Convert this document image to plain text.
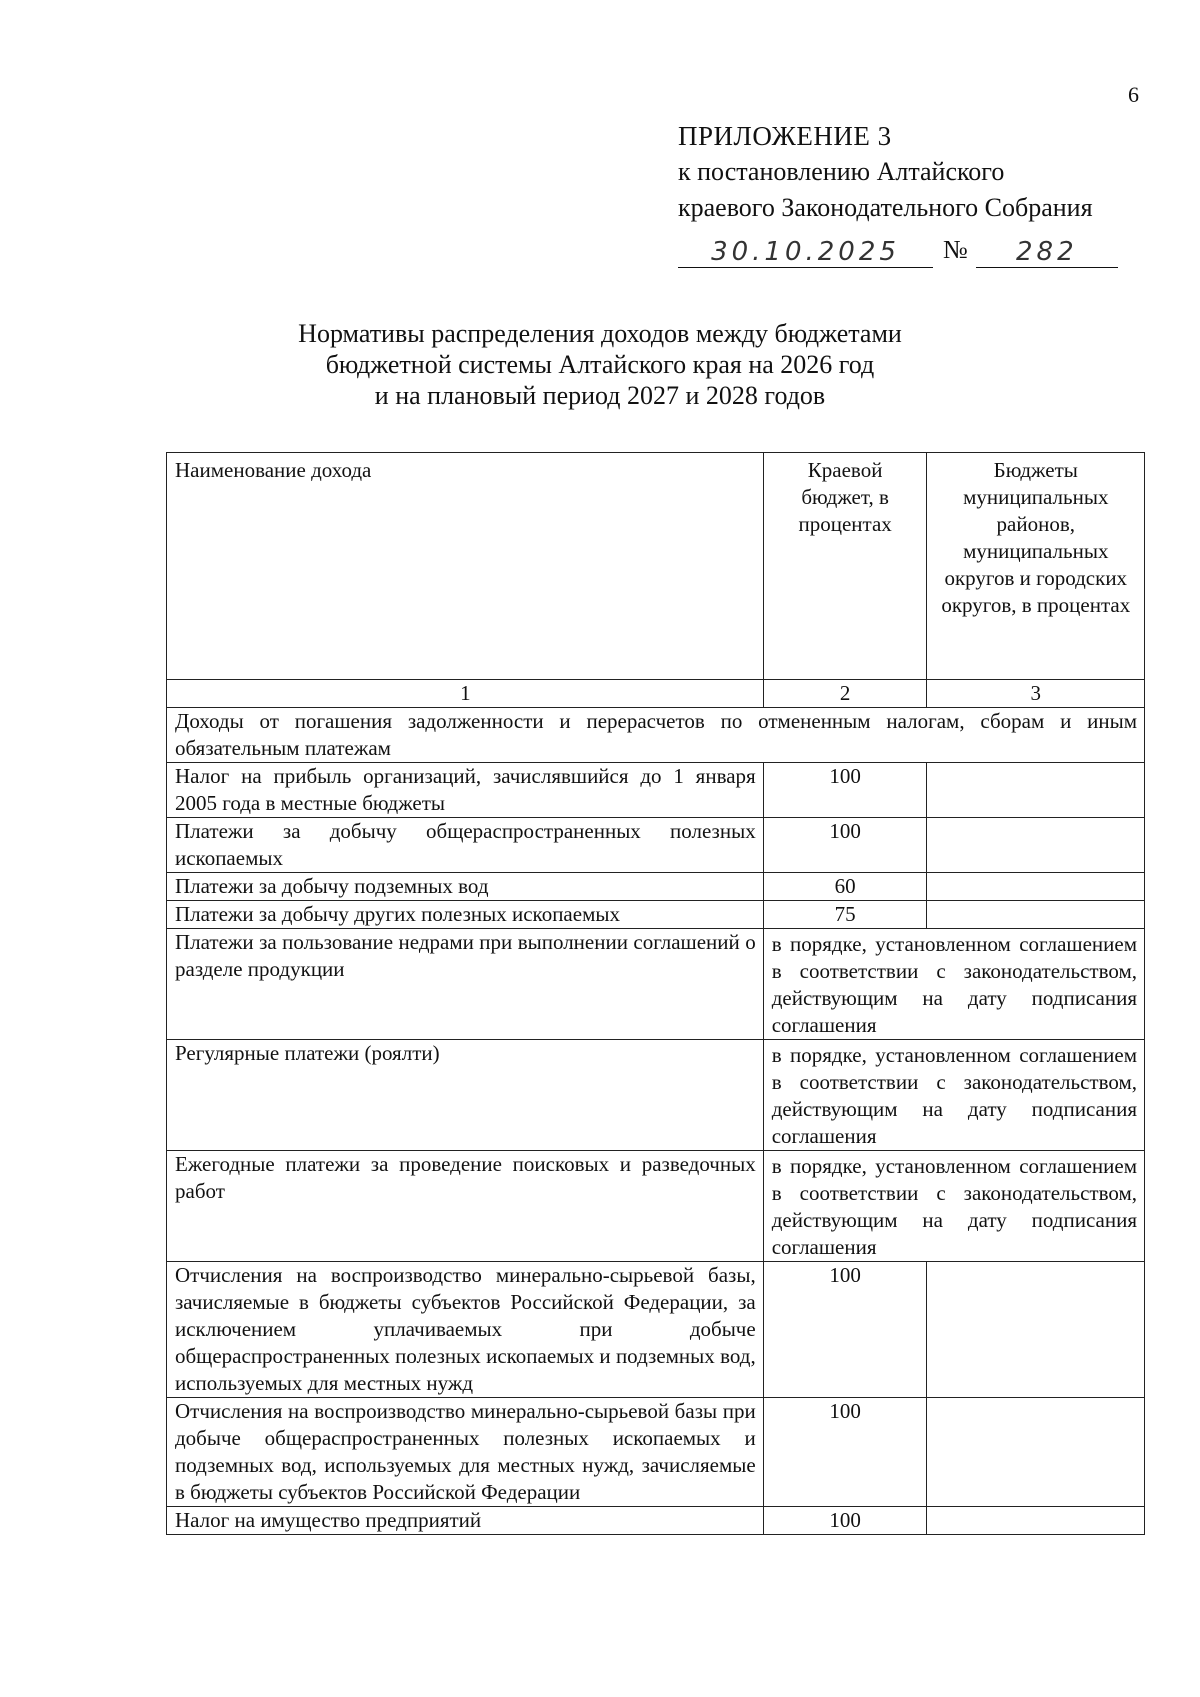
6
ПРИЛОЖЕНИЕ 3
к постановлению Алтайского
краевого Законодательного Собрания
30.10.2025	№	282
Нормативы распределения доходов между бюджетами
бюджетной системы Алтайского края на 2026 год
и на плановый период 2027 и 2028 годов
Наименование дохода	Краевой бюджет, в процентах	Бюджеты муниципальных районов, муниципальных округов и городских округов, в процентах
1	2	3
Доходы от погашения задолженности и перерасчетов по отмененным налогам, сборам и иным обязательным платежам		
Налог на прибыль организаций, зачислявшийся до 1 января 2005 года в местные бюджеты	100	
Платежи за добычу общераспространенных полезных ископаемых	100	
Платежи за добычу подземных вод	60	
Платежи за добычу других полезных ископаемых	75	
Платежи за пользование недрами при выполнении соглашений о разделе продукции	в порядке, установленном соглашением в соответствии с законодательством, действующим на дату подписания соглашения	
Регулярные платежи (роялти)	в порядке, установленном соглашением в соответствии с законодательством, действующим на дату подписания соглашения	
Ежегодные платежи за проведение поисковых и разведочных работ	в порядке, установленном соглашением в соответствии с законодательством, действующим на дату подписания соглашения	
Отчисления на воспроизводство минерально-сырьевой базы, зачисляемые в бюджеты субъектов Российской Федерации, за исключением уплачиваемых при добыче общераспространенных полезных ископаемых и подземных вод, используемых для местных нужд	100	
Отчисления на воспроизводство минерально-сырьевой базы при добыче общераспространенных полезных ископаемых и подземных вод, используемых для местных нужд, зачисляемые в бюджеты субъектов Российской Федерации	100	
Налог на имущество предприятий	100	
